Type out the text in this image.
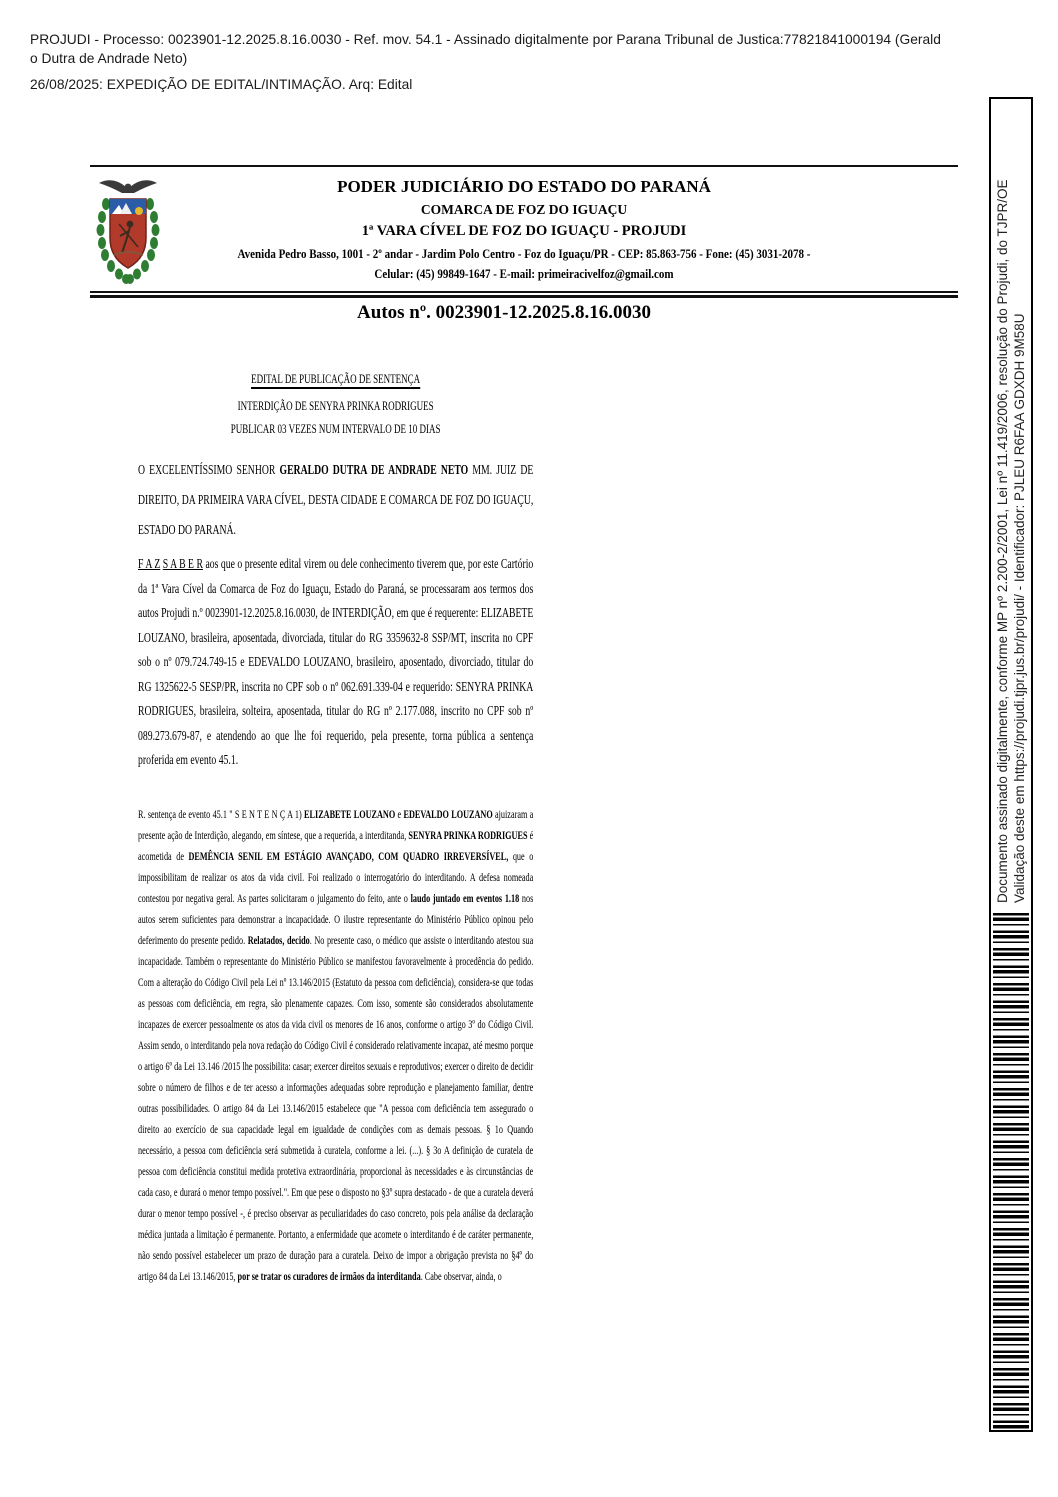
PROJUDI - Processo: 0023901-12.2025.8.16.0030 - Ref. mov. 54.1 - Assinado digitalmente por Parana Tribunal de Justica:77821841000194 (Gerald
o Dutra de Andrade Neto)
26/08/2025: EXPEDIÇÃO DE EDITAL/INTIMAÇÃO. Arq: Edital
PODER JUDICIÁRIO DO ESTADO DO PARANÁ
COMARCA DE FOZ DO IGUAÇU
1ª VARA CÍVEL DE FOZ DO IGUAÇU - PROJUDI
Avenida Pedro Basso, 1001 - 2º andar - Jardim Polo Centro - Foz do Iguaçu/PR - CEP: 85.863-756 - Fone: (45) 3031-2078 -
Celular: (45) 99849-1647 - E-mail: primeiracivelfoz@gmail.com
Autos nº. 0023901-12.2025.8.16.0030
EDITAL DE PUBLICAÇÃO DE SENTENÇA
INTERDIÇÃO DE SENYRA PRINKA RODRIGUES
PUBLICAR 03 VEZES NUM INTERVALO DE 10 DIAS
O EXCELENTÍSSIMO SENHOR GERALDO DUTRA DE ANDRADE NETO MM. JUIZ DE DIREITO, DA PRIMEIRA VARA CÍVEL, DESTA CIDADE E COMARCA DE FOZ DO IGUAÇU, ESTADO DO PARANÁ.
F A Z S A B E R aos que o presente edital virem ou dele conhecimento tiverem que, por este Cartório da 1ª Vara Cível da Comarca de Foz do Iguaçu, Estado do Paraná, se processaram aos termos dos autos Projudi n.º 0023901-12.2025.8.16.0030, de INTERDIÇÃO, em que é requerente: ELIZABETE LOUZANO, brasileira, aposentada, divorciada, titular do RG 3359632-8 SSP/MT, inscrita no CPF sob o nº 079.724.749-15 e EDEVALDO LOUZANO, brasileiro, aposentado, divorciado, titular do RG 1325622-5 SESP/PR, inscrita no CPF sob o nº 062.691.339-04 e requerido: SENYRA PRINKA RODRIGUES, brasileira, solteira, aposentada, titular do RG nº 2.177.088, inscrito no CPF sob nº 089.273.679-87, e atendendo ao que lhe foi requerido, pela presente, torna pública a sentença proferida em evento 45.1.
R. sentença de evento 45.1 " S E N T E N Ç A 1) ELIZABETE LOUZANO e EDEVALDO LOUZANO ajuizaram a presente ação de Interdição, alegando, em síntese, que a requerida, a interditanda, SENYRA PRINKA RODRIGUES é acometida de DEMÊNCIA SENIL EM ESTÁGIO AVANÇADO, COM QUADRO IRREVERSÍVEL, que o impossibilitam de realizar os atos da vida civil. Foi realizado o interrogatório do interditando. A defesa nomeada contestou por negativa geral. As partes solicitaram o julgamento do feito, ante o laudo juntado em eventos 1.18 nos autos serem suficientes para demonstrar a incapacidade. O ilustre representante do Ministério Público opinou pelo deferimento do presente pedido. Relatados, decido. No presente caso, o médico que assiste o interditando atestou sua incapacidade. Também o representante do Ministério Público se manifestou favoravelmente à procedência do pedido. Com a alteração do Código Civil pela Lei nº 13.146/2015 (Estatuto da pessoa com deficiência), considera-se que todas as pessoas com deficiência, em regra, são plenamente capazes. Com isso, somente são considerados absolutamente incapazes de exercer pessoalmente os atos da vida civil os menores de 16 anos, conforme o artigo 3º do Código Civil. Assim sendo, o interditando pela nova redação do Código Civil é considerado relativamente incapaz, até mesmo porque o artigo 6º da Lei 13.146 /2015 lhe possibilita: casar; exercer direitos sexuais e reprodutivos; exercer o direito de decidir sobre o número de filhos e de ter acesso a informações adequadas sobre reprodução e planejamento familiar, dentre outras possibilidades. O artigo 84 da Lei 13.146/2015 estabelece que "A pessoa com deficiência tem assegurado o direito ao exercício de sua capacidade legal em igualdade de condições com as demais pessoas. § 1o Quando necessário, a pessoa com deficiência será submetida à curatela, conforme a lei. (...). § 3o A definição de curatela de pessoa com deficiência constitui medida protetiva extraordinária, proporcional às necessidades e às circunstâncias de cada caso, e durará o menor tempo possível.". Em que pese o disposto no §3º supra destacado - de que a curatela deverá durar o menor tempo possível -, é preciso observar as peculiaridades do caso concreto, pois pela análise da declaração médica juntada a limitação é permanente. Portanto, a enfermidade que acomete o interditando é de caráter permanente, não sendo possível estabelecer um prazo de duração para a curatela. Deixo de impor a obrigação prevista no §4º do artigo 84 da Lei 13.146/2015, por se tratar os curadores de irmãos da interditanda. Cabe observar, ainda, o
Documento assinado digitalmente, conforme MP nº 2.200-2/2001, Lei nº 11.419/2006, resolução do Projudi, do TJPR/OE Validação deste em https://projudi.tjpr.jus.br/projudi/ - Identificador: PJLEU R6FAA GDXDH 9M58U
